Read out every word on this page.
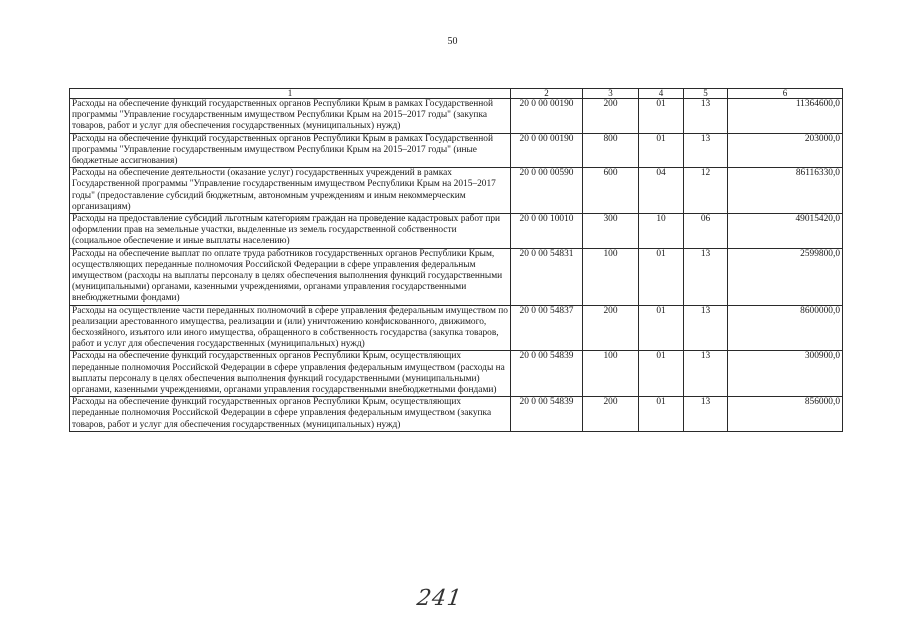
50
1	2	3	4	5	6
Расходы на обеспечение функций государственных органов Республики Крым в рамках Государственной программы "Управление государственным имуществом Республики Крым на 2015–2017 годы" (закупка товаров, работ и услуг для обеспечения государственных (муниципальных) нужд)	20 0 00 00190	200	01	13	11364600,0
Расходы на обеспечение функций государственных органов Республики Крым в рамках Государственной программы "Управление государственным имуществом Республики Крым на 2015–2017 годы" (иные бюджетные ассигнования)	20 0 00 00190	800	01	13	203000,0
Расходы на обеспечение деятельности (оказание услуг) государственных учреждений в рамках Государственной программы "Управление государственным имуществом Республики Крым на 2015–2017 годы" (предоставление субсидий бюджетным, автономным учреждениям и иным некоммерческим организациям)	20 0 00 00590	600	04	12	86116330,0
Расходы на предоставление субсидий льготным категориям граждан на проведение кадастровых работ при оформлении прав на земельные участки, выделенные из земель государственной собственности (социальное обеспечение и иные выплаты населению)	20 0 00 10010	300	10	06	49015420,0
Расходы на обеспечение выплат по оплате труда работников государственных органов Республики Крым, осуществляющих переданные полномочия Российской Федерации в сфере управления федеральным имуществом (расходы на выплаты персоналу в целях обеспечения выполнения функций государственными (муниципальными) органами, казенными учреждениями, органами управления государственными внебюджетными фондами)	20 0 00 54831	100	01	13	2599800,0
Расходы на осуществление части переданных полномочий в сфере управления федеральным имуществом по реализации арестованного имущества, реализации и (или) уничтожению конфискованного, движимого, бесхозяйного, изъятого или иного имущества, обращенного в собственность государства (закупка товаров, работ и услуг для обеспечения государственных (муниципальных) нужд)	20 0 00 54837	200	01	13	8600000,0
Расходы на обеспечение функций государственных органов Республики Крым, осуществляющих переданные полномочия Российской Федерации в сфере управления федеральным имуществом (расходы на выплаты персоналу в целях обеспечения выполнения функций государственными (муниципальными) органами, казенными учреждениями, органами управления государственными внебюджетными фондами)	20 0 00 54839	100	01	13	300900,0
Расходы на обеспечение функций государственных органов Республики Крым, осуществляющих переданные полномочия Российской Федерации в сфере управления федеральным имуществом (закупка товаров, работ и услуг для обеспечения государственных (муниципальных) нужд)	20 0 00 54839	200	01	13	856000,0
241
